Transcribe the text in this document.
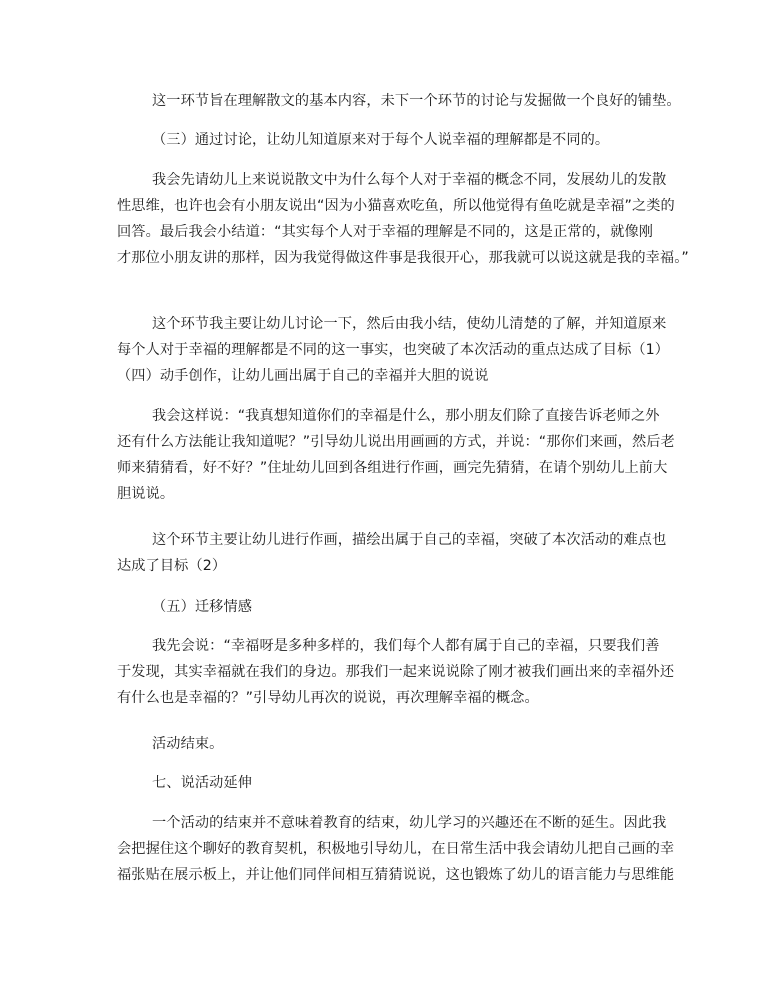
这一环节旨在理解散文的基本内容，未下一个环节的讨论与发掘做一个良好的铺垫。

（三）通过讨论，让幼儿知道原来对于每个人说幸福的理解都是不同的。

我会先请幼儿上来说说散文中为什么每个人对于幸福的概念不同，发展幼儿的发散
性思维，也许也会有小朋友说出“因为小猫喜欢吃鱼，所以他觉得有鱼吃就是幸福”之类的
回答。最后我会小结道：“其实每个人对于幸福的理解是不同的，这是正常的，就像刚
才那位小朋友讲的那样，因为我觉得做这件事是我很开心，那我就可以说这就是我的幸福。”

这个环节我主要让幼儿讨论一下，然后由我小结，使幼儿清楚的了解，并知道原来
每个人对于幸福的理解都是不同的这一事实，也突破了本次活动的重点达成了目标（1）
（四）动手创作，让幼儿画出属于自己的幸福并大胆的说说

我会这样说：“我真想知道你们的幸福是什么，那小朋友们除了直接告诉老师之外
还有什么方法能让我知道呢？”引导幼儿说出用画画的方式，并说：“那你们来画，然后老
师来猜猜看，好不好？”住址幼儿回到各组进行作画，画完先猜猜，在请个别幼儿上前大
胆说说。

这个环节主要让幼儿进行作画，描绘出属于自己的幸福，突破了本次活动的难点也
达成了目标（2）

（五）迁移情感

我先会说：“幸福呀是多种多样的，我们每个人都有属于自己的幸福，只要我们善
于发现，其实幸福就在我们的身边。那我们一起来说说除了刚才被我们画出来的幸福外还
有什么也是幸福的？”引导幼儿再次的说说，再次理解幸福的概念。

活动结束。

七、说活动延伸

一个活动的结束并不意味着教育的结束，幼儿学习的兴趣还在不断的延生。因此我
会把握住这个聊好的教育契机，积极地引导幼儿，在日常生活中我会请幼儿把自己画的幸
福张贴在展示板上，并让他们同伴间相互猜猜说说，这也锻炼了幼儿的语言能力与思维能
